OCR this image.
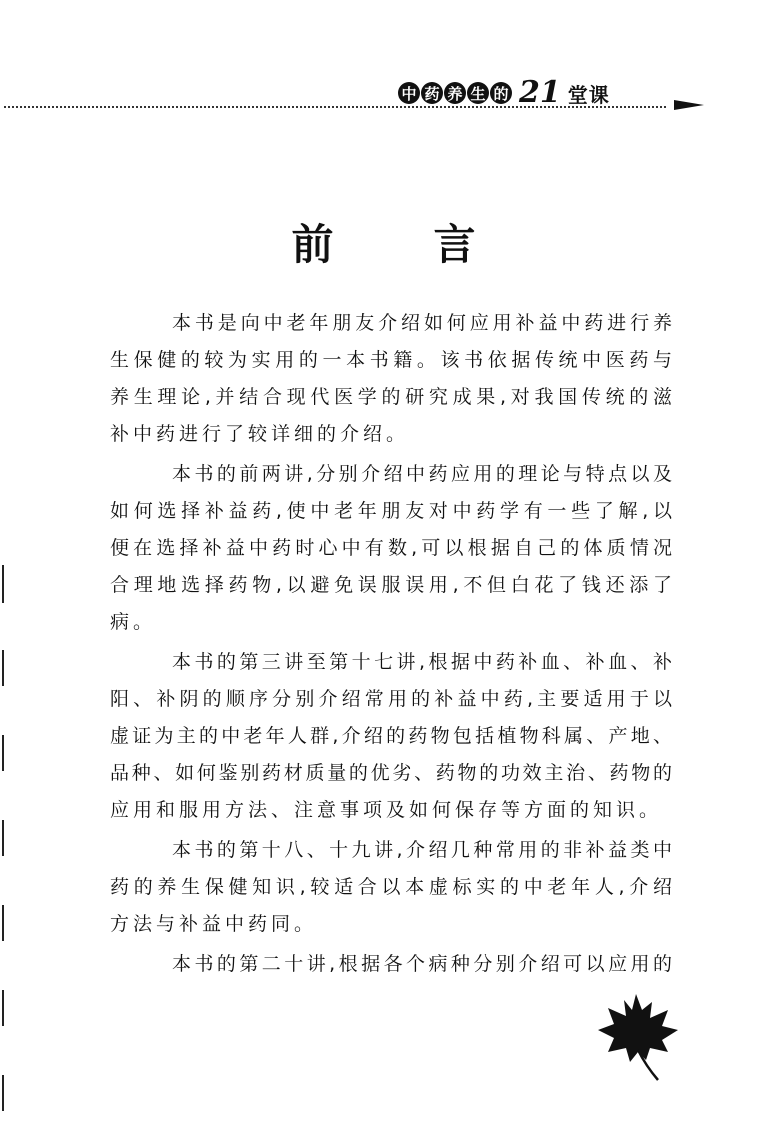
中 药 养 生 的 21 堂课
前 言
本书是向中老年朋友介绍如何应用补益中药进行养
生保健的较为实用的一本书籍。该书依据传统中医药与
养生理论,并结合现代医学的研究成果,对我国传统的滋
补中药进行了较详细的介绍。
本书的前两讲,分别介绍中药应用的理论与特点以及
如何选择补益药,使中老年朋友对中药学有一些了解,以
便在选择补益中药时心中有数,可以根据自己的体质情况
合理地选择药物,以避免误服误用,不但白花了钱还添了
病。
本书的第三讲至第十七讲,根据中药补血、补血、补
阳、补阴的顺序分别介绍常用的补益中药,主要适用于以
虚证为主的中老年人群,介绍的药物包括植物科属、产地、
品种、如何鉴别药材质量的优劣、药物的功效主治、药物的
应用和服用方法、注意事项及如何保存等方面的知识。
本书的第十八、十九讲,介绍几种常用的非补益类中
药的养生保健知识,较适合以本虚标实的中老年人,介绍
方法与补益中药同。
本书的第二十讲,根据各个病种分别介绍可以应用的
